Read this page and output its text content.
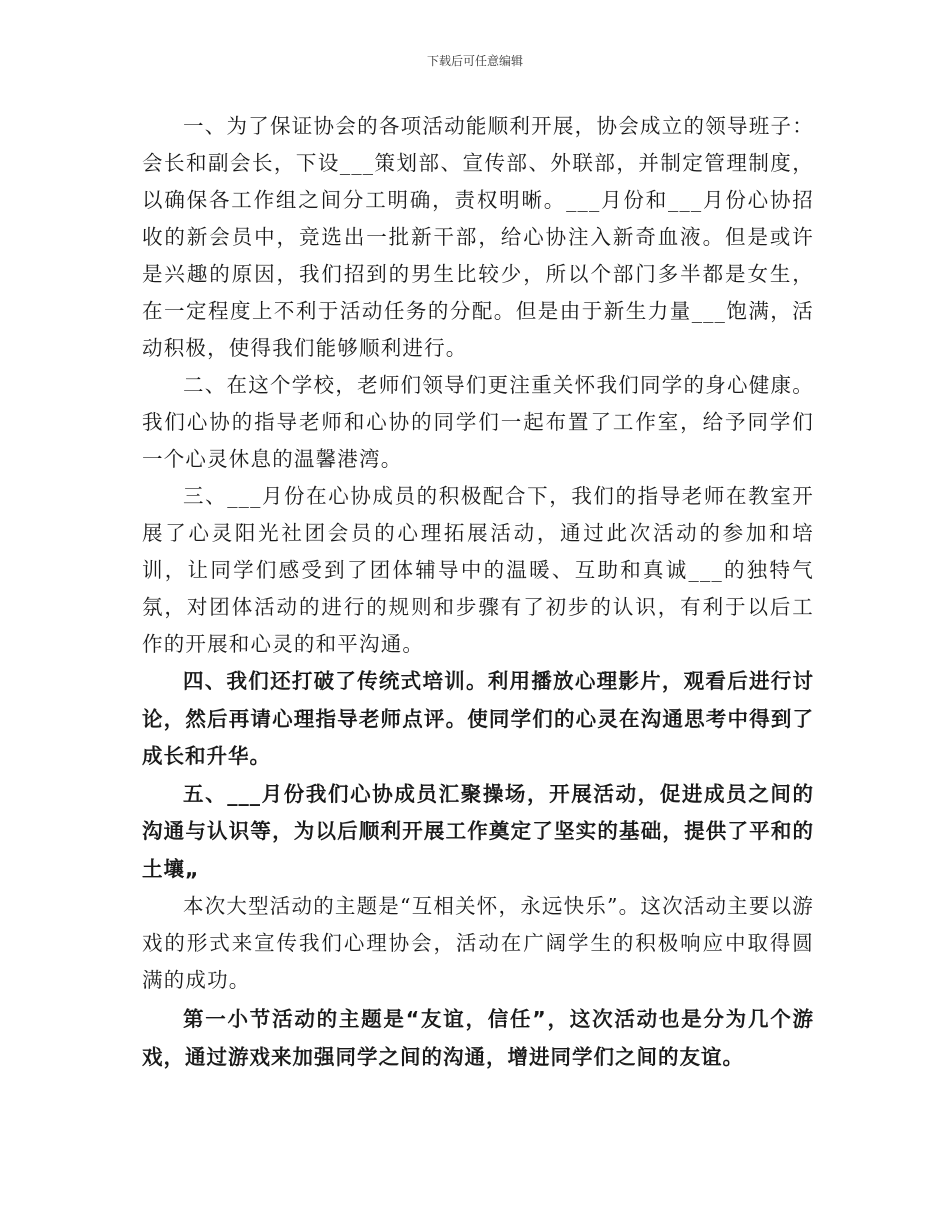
下载后可任意编辑

一、为了保证协会的各项活动能顺利开展，协会成立的领导班子：会长和副会长，下设___策划部、宣传部、外联部，并制定管理制度，以确保各工作组之间分工明确，责权明晰。___月份和___月份心协招收的新会员中，竞选出一批新干部，给心协注入新奇血液。但是或许是兴趣的原因，我们招到的男生比较少，所以个部门多半都是女生，在一定程度上不利于活动任务的分配。但是由于新生力量___饱满，活动积极，使得我们能够顺利进行。

二、在这个学校，老师们领导们更注重关怀我们同学的身心健康。我们心协的指导老师和心协的同学们一起布置了工作室，给予同学们一个心灵休息的温馨港湾。

三、___月份在心协成员的积极配合下，我们的指导老师在教室开展了心灵阳光社团会员的心理拓展活动，通过此次活动的参加和培训，让同学们感受到了团体辅导中的温暖、互助和真诚___的独特气氛，对团体活动的进行的规则和步骤有了初步的认识，有利于以后工作的开展和心灵的和平沟通。

四、我们还打破了传统式培训。利用播放心理影片，观看后进行讨论，然后再请心理指导老师点评。使同学们的心灵在沟通思考中得到了成长和升华。

五、___月份我们心协成员汇聚操场，开展活动，促进成员之间的沟通与认识等，为以后顺利开展工作奠定了坚实的基础，提供了平和的土壤„

本次大型活动的主题是“互相关怀，永远快乐”。这次活动主要以游戏的形式来宣传我们心理协会，活动在广阔学生的积极响应中取得圆满的成功。

第一小节活动的主题是“友谊，信任”，这次活动也是分为几个游戏，通过游戏来加强同学之间的沟通，增进同学们之间的友谊。
